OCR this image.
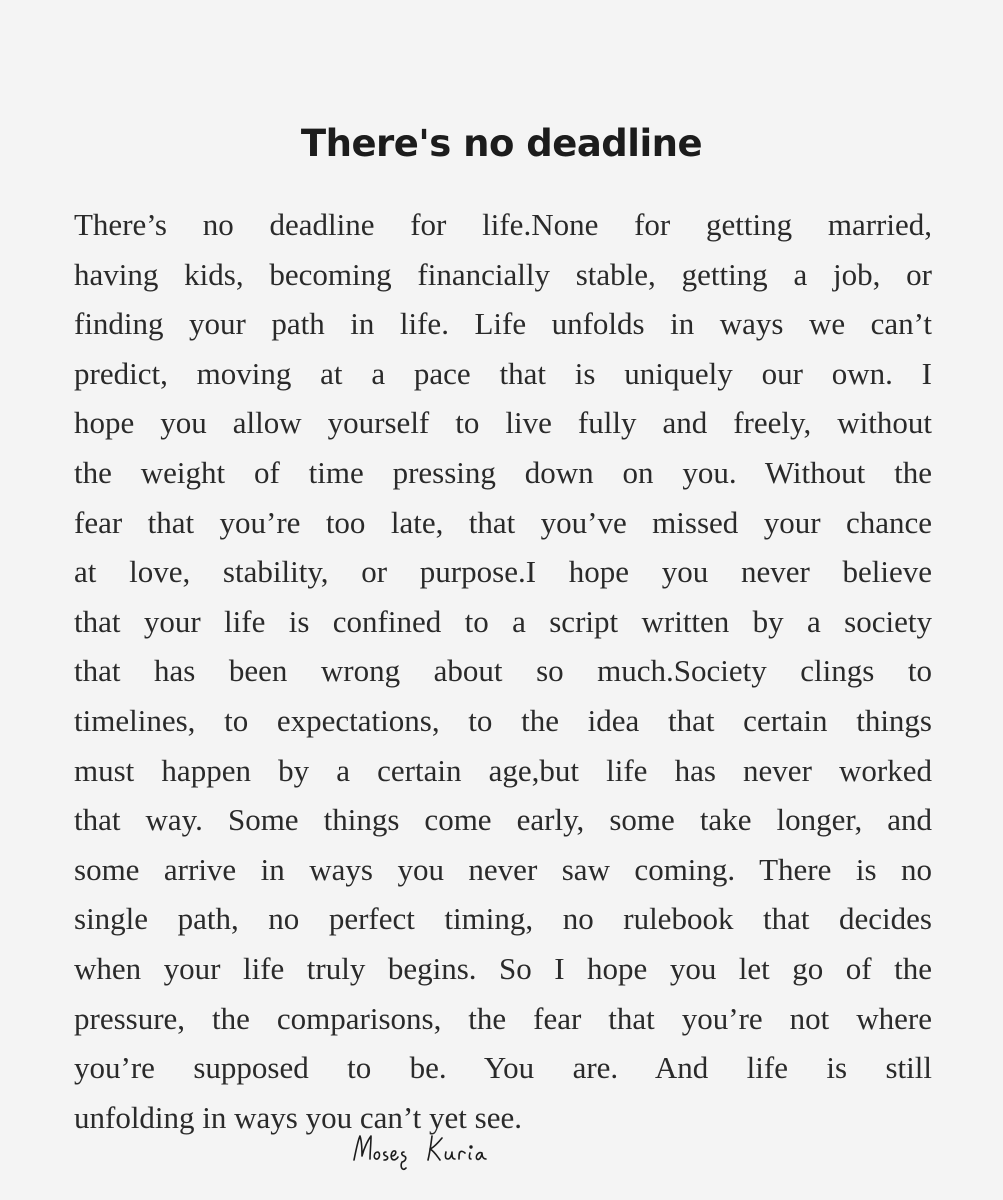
There's no deadline
There’s no deadline for life.None for getting married,
having kids, becoming financially stable, getting a job, or
finding your path in life. Life unfolds in ways we can’t
predict, moving at a pace that is uniquely our own. I
hope you allow yourself to live fully and freely, without
the weight of time pressing down on you. Without the
fear that you’re too late, that you’ve missed your chance
at love, stability, or purpose.I hope you never believe
that your life is confined to a script written by a society
that has been wrong about so much.Society clings to
timelines, to expectations, to the idea that certain things
must happen by a certain age,but life has never worked
that way. Some things come early, some take longer, and
some arrive in ways you never saw coming. There is no
single path, no perfect timing, no rulebook that decides
when your life truly begins. So I hope you let go of the
pressure, the comparisons, the fear that you’re not where
you’re supposed to be. You are. And life is still
unfolding in ways you can’t yet see.
